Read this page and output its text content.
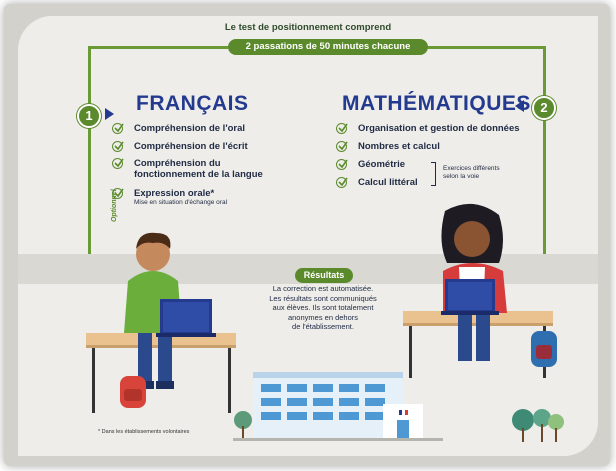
Le test de positionnement comprend
2 passations de 50 minutes chacune
1
FRANÇAIS
Compréhension de l'oral
Compréhension de l'écrit
Compréhension du
fonctionnement de la langue
Optionnel Expression orale*
Mise en situation d'échange oral
MATHÉMATIQUES 2
Organisation et gestion de données
Nombres et calcul
Géométrie
Calcul littéral
Exercices différents
selon la voie
Résultats
La correction est automatisée.
Les résultats sont communiqués
aux élèves. Ils sont totalement
anonymes en dehors
de l'établissement.
* Dans les établissements volontaires
